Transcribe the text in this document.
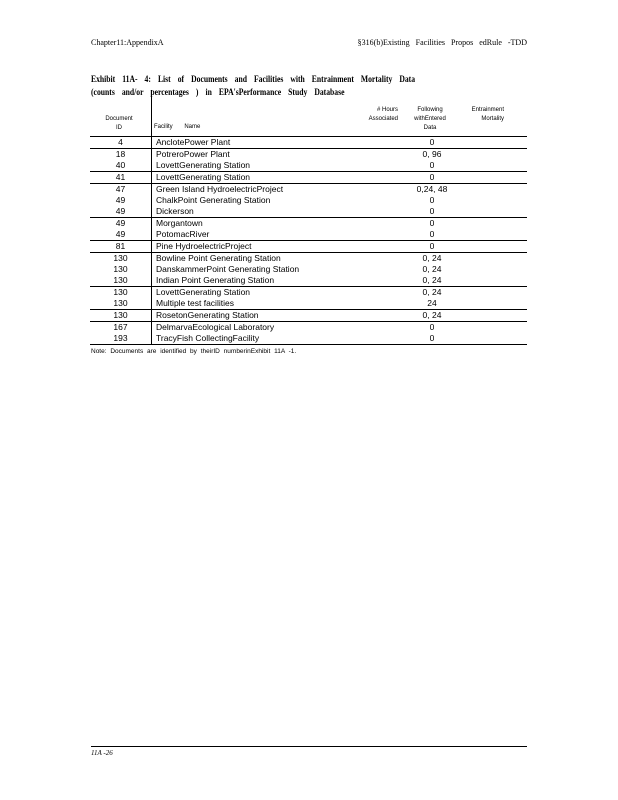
Chapter11:AppendixA	§316(b)Existing Facilities Propos edRule -TDD
Exhibit 11A- 4: List of Documents and Facilities with Entrainment Mortality Data
(counts and/or percentages ) in EPA'sPerformance Study Database
Document
ID	Facility Name
# Hours
Associated
Following
withEntered
Data
Entrainment
Mortality
4	AnclotePower Plant	0
18	PotreroPower Plant	0, 96
40	LovettGenerating Station	0
41	LovettGenerating Station	0
47	Green Island HydroelectricProject	0,24, 48
49	ChalkPoint Generating Station	0
49	Dickerson	0
49	Morgantown	0
49	PotomacRiver	0
81	Pine HydroelectricProject	0
130	Bowline Point Generating Station	0, 24
130	DanskammerPoint Generating Station	0, 24
130	Indian Point Generating Station	0, 24
130	LovettGenerating Station	0, 24
130	Multiple test facilities	24
130	RosetonGenerating Station	0, 24
167	DelmarvaEcological Laboratory	0
193	TracyFish CollectingFacility	0
Note: Documents are identified by theirID numberinExhibit 11A -1.
11A -26
